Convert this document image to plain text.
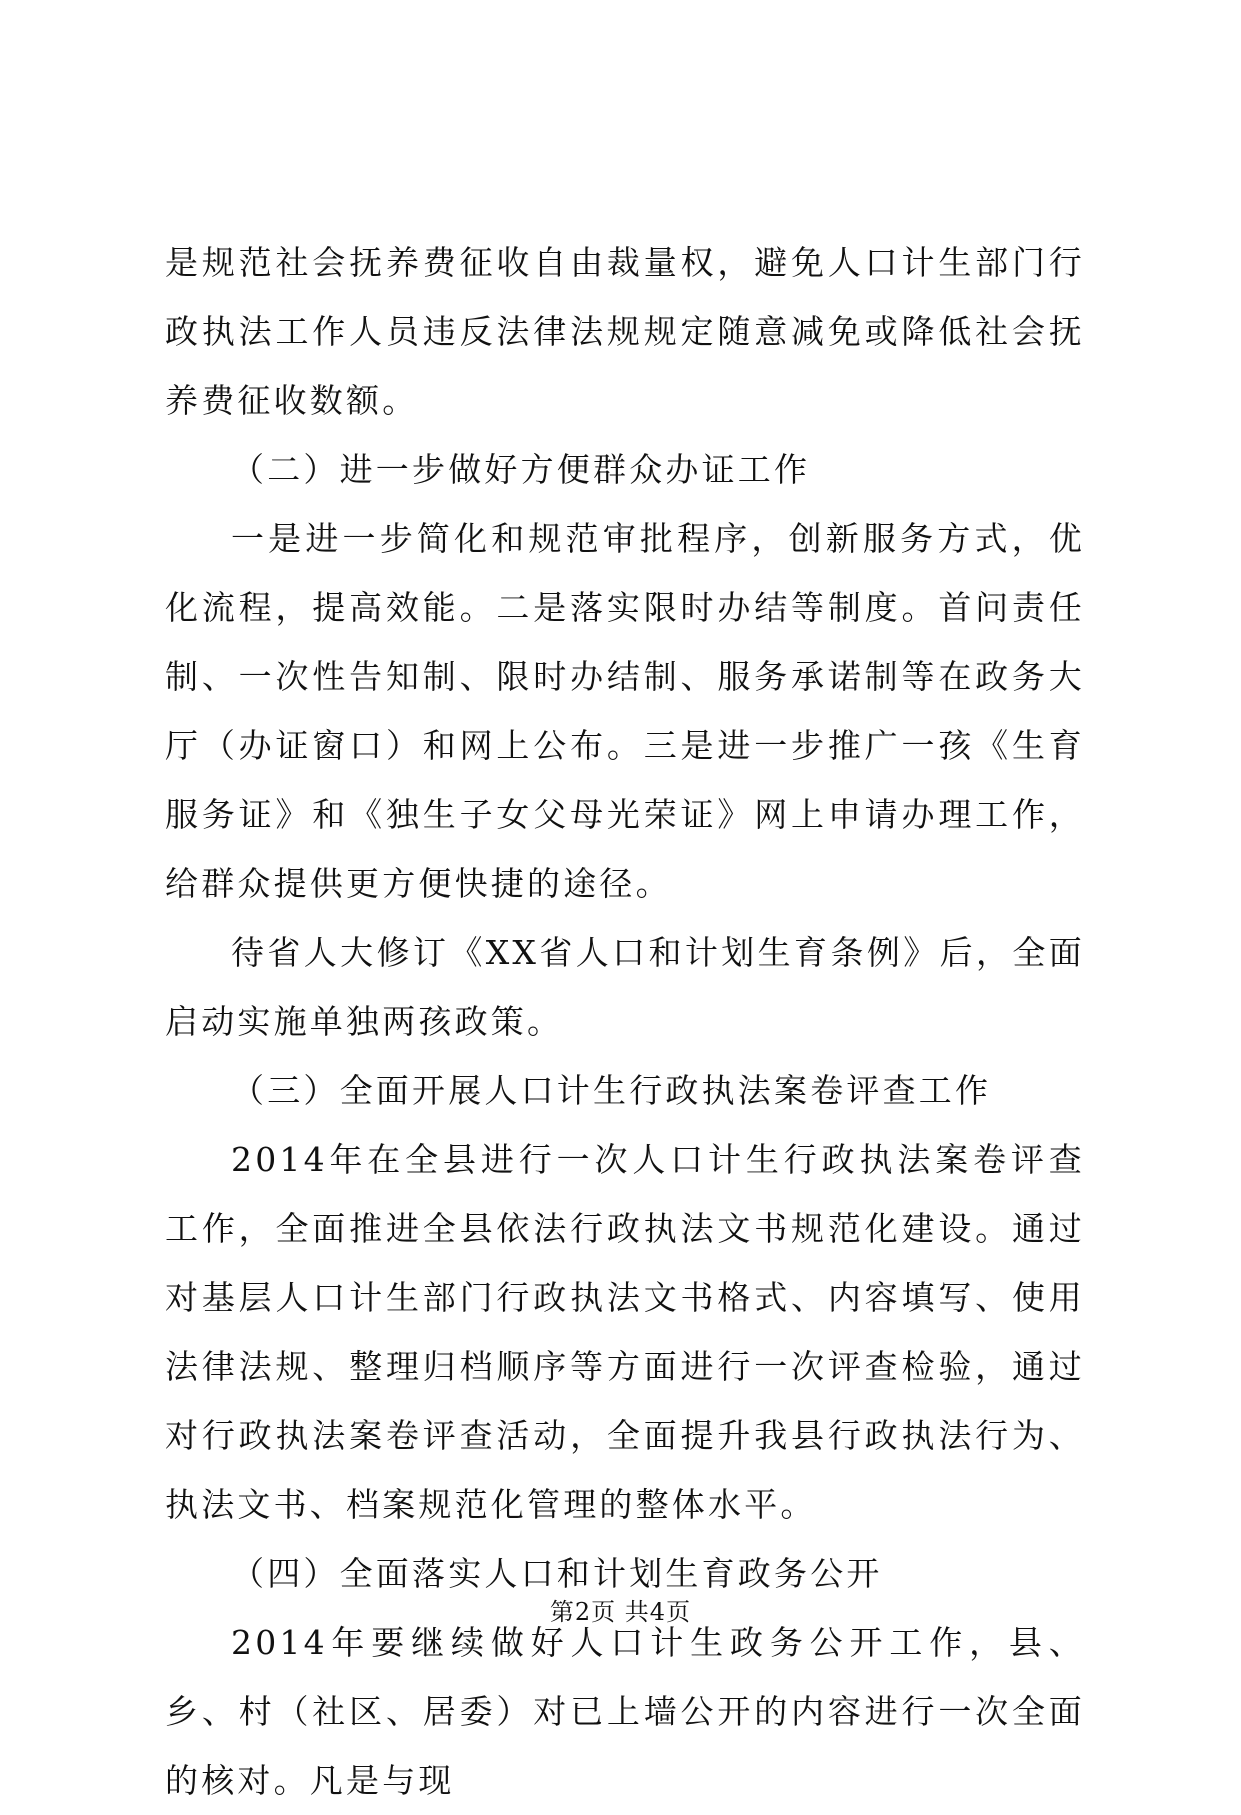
是规范社会抚养费征收自由裁量权，避免人口计生部门行政执法工作人员违反法律法规规定随意减免或降低社会抚养费征收数额。

（二）进一步做好方便群众办证工作

一是进一步简化和规范审批程序，创新服务方式，优化流程，提高效能。二是落实限时办结等制度。首问责任制、一次性告知制、限时办结制、服务承诺制等在政务大厅（办证窗口）和网上公布。三是进一步推广一孩《生育服务证》和《独生子女父母光荣证》网上申请办理工作，给群众提供更方便快捷的途径。

待省人大修订《XX省人口和计划生育条例》后，全面启动实施单独两孩政策。

（三）全面开展人口计生行政执法案卷评查工作

2014年在全县进行一次人口计生行政执法案卷评查工作，全面推进全县依法行政执法文书规范化建设。通过对基层人口计生部门行政执法文书格式、内容填写、使用法律法规、整理归档顺序等方面进行一次评查检验，通过对行政执法案卷评查活动，全面提升我县行政执法行为、执法文书、档案规范化管理的整体水平。

（四）全面落实人口和计划生育政务公开

2014年要继续做好人口计生政务公开工作，县、乡、村（社区、居委）对已上墙公开的内容进行一次全面的核对。凡是与现

第2页 共4页
